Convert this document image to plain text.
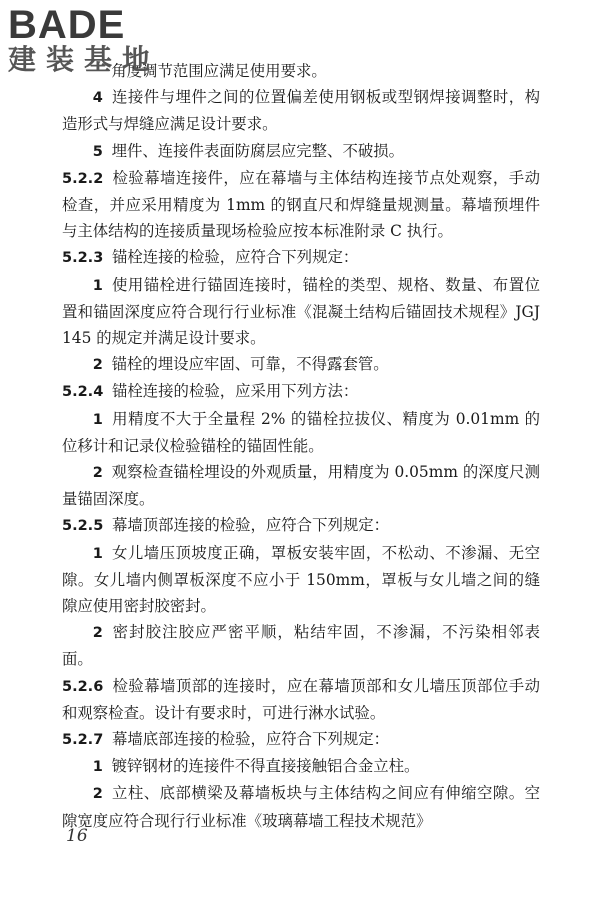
BADE
建装基地

角度调节范围应满足使用要求。

4 连接件与埋件之间的位置偏差使用钢板或型钢焊接调整时，构造形式与焊缝应满足设计要求。

5 埋件、连接件表面防腐层应完整、不破损。

5.2.2 检验幕墙连接件，应在幕墙与主体结构连接节点处观察，手动检查，并应采用精度为 1mm 的钢直尺和焊缝量规测量。幕墙预埋件与主体结构的连接质量现场检验应按本标准附录 C 执行。

5.2.3 锚栓连接的检验，应符合下列规定：

1 使用锚栓进行锚固连接时，锚栓的类型、规格、数量、布置位置和锚固深度应符合现行行业标准《混凝土结构后锚固技术规程》JGJ 145 的规定并满足设计要求。

2 锚栓的埋设应牢固、可靠，不得露套管。

5.2.4 锚栓连接的检验，应采用下列方法：

1 用精度不大于全量程 2% 的锚栓拉拔仪、精度为 0.01mm 的位移计和记录仪检验锚栓的锚固性能。

2 观察检查锚栓埋设的外观质量，用精度为 0.05mm 的深度尺测量锚固深度。

5.2.5 幕墙顶部连接的检验，应符合下列规定：

1 女儿墙压顶坡度正确，罩板安装牢固，不松动、不渗漏、无空隙。女儿墙内侧罩板深度不应小于 150mm，罩板与女儿墙之间的缝隙应使用密封胶密封。

2 密封胶注胶应严密平顺，粘结牢固，不渗漏，不污染相邻表面。

5.2.6 检验幕墙顶部的连接时，应在幕墙顶部和女儿墙压顶部位手动和观察检查。设计有要求时，可进行淋水试验。

5.2.7 幕墙底部连接的检验，应符合下列规定：

1 镀锌钢材的连接件不得直接接触铝合金立柱。

2 立柱、底部横梁及幕墙板块与主体结构之间应有伸缩空隙。空隙宽度应符合现行行业标准《玻璃幕墙工程技术规范》

16
